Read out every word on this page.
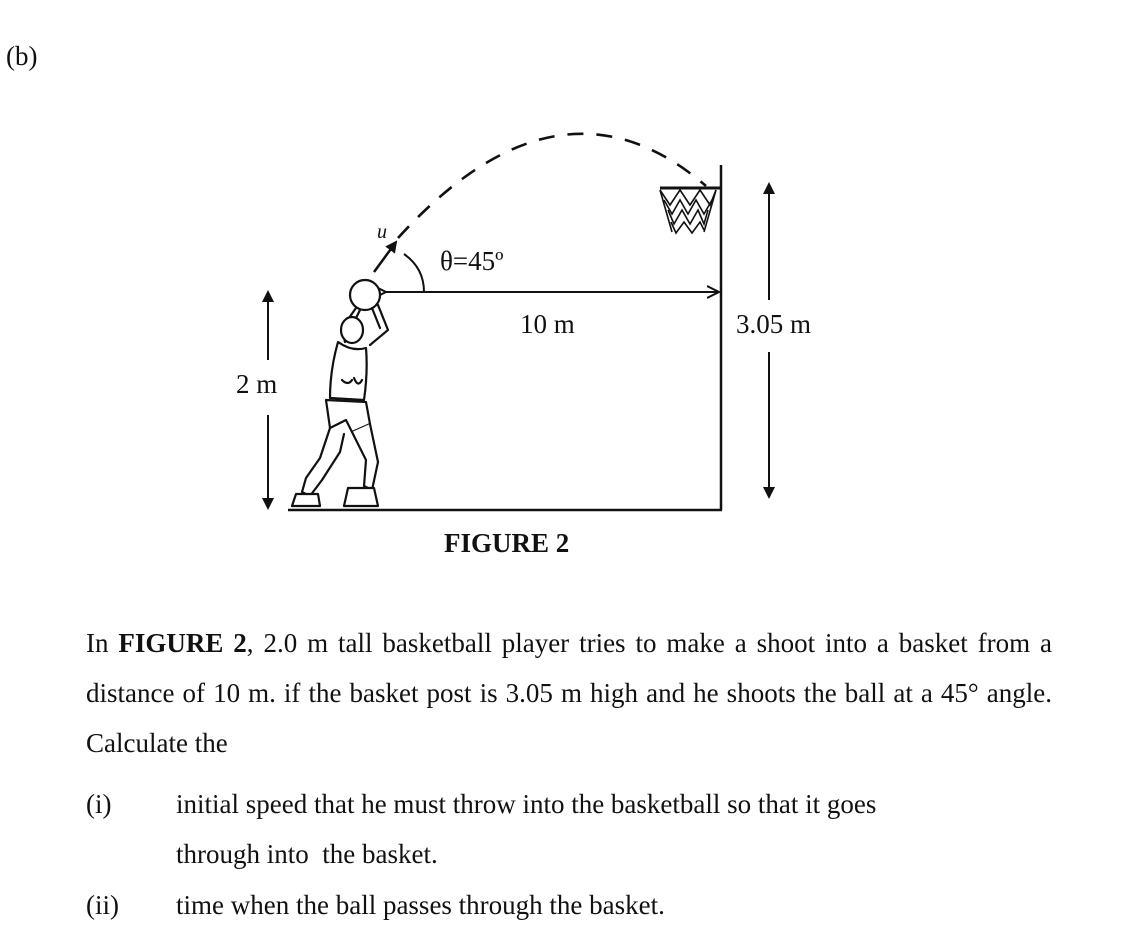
(b)
u
θ=45º
10 m
2 m
3.05 m
FIGURE 2

In FIGURE 2, 2.0 m tall basketball player tries to make a shoot into a basket from a distance of 10 m. if the basket post is 3.05 m high and he shoots the ball at a 45° angle. Calculate the

(i) initial speed that he must throw into the basketball so that it goes
through into  the basket.
(ii) time when the ball passes through the basket.
